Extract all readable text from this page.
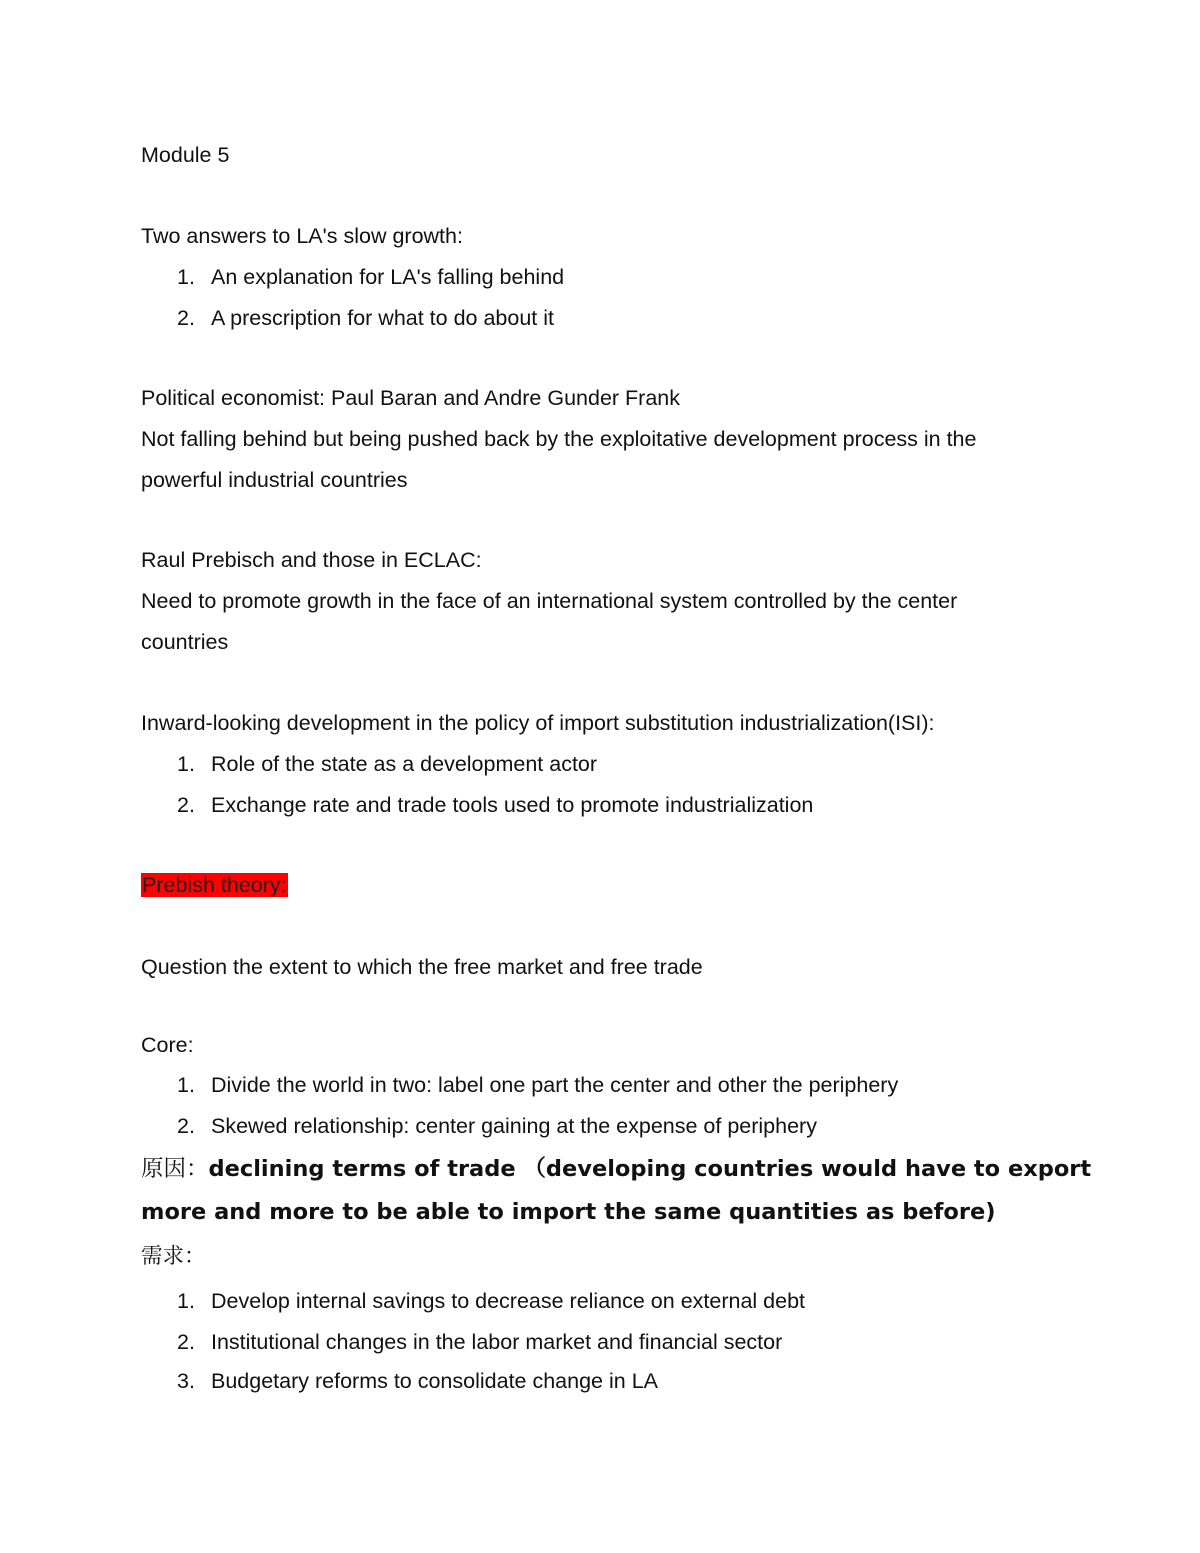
Module 5
Two answers to LA's slow growth:
1. An explanation for LA's falling behind
2. A prescription for what to do about it
Political economist: Paul Baran and Andre Gunder Frank
Not falling behind but being pushed back by the exploitative development process in the
powerful industrial countries
Raul Prebisch and those in ECLAC:
Need to promote growth in the face of an international system controlled by the center
countries
Inward-looking development in the policy of import substitution industrialization(ISI):
1. Role of the state as a development actor
2. Exchange rate and trade tools used to promote industrialization
Prebish theory:
Question the extent to which the free market and free trade
Core:
1. Divide the world in two: label one part the center and other the periphery
2. Skewed relationship: center gaining at the expense of periphery
原因：declining terms of trade （developing countries would have to export
more and more to be able to import the same quantities as before)
需求：
1. Develop internal savings to decrease reliance on external debt
2. Institutional changes in the labor market and financial sector
3. Budgetary reforms to consolidate change in LA
